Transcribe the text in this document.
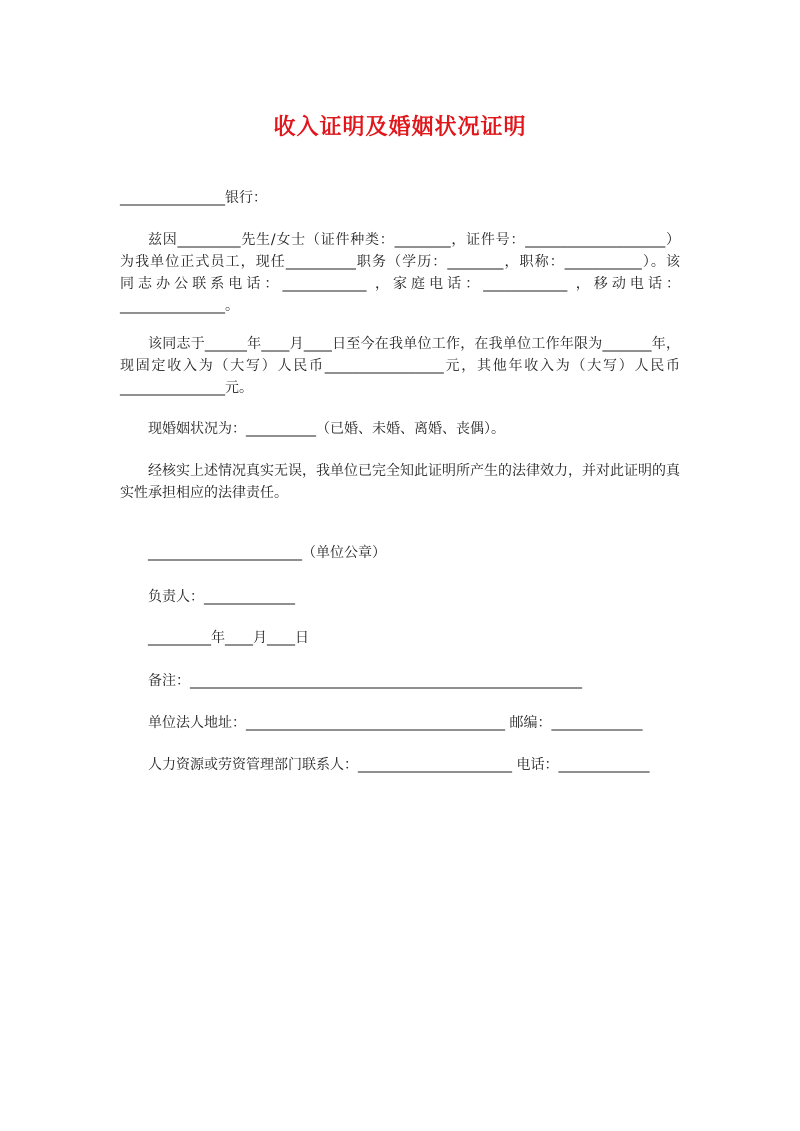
收入证明及婚姻状况证明
_______________银行：
兹因_________先生/女士（证件种类：________，证件号：____________________）
为我单位正式员工，现任__________职务（学历：________，职称：___________）。该
同志办公联系电话：____________ ，家庭电话：____________ ，移动电话：
_______________。
该同志于______年____月____日至今在我单位工作，在我单位工作年限为_______年，
现固定收入为（大写）人民币_________________元，其他年收入为（大写）人民币
_______________元。
现婚姻状况为：__________（已婚、未婚、离婚、丧偶）。
经核实上述情况真实无误，我单位已完全知此证明所产生的法律效力，并对此证明的真
实性承担相应的法律责任。
______________________（单位公章）
负责人：_____________
_________年____月____日
备注：________________________________________________________
单位法人地址：_____________________________________ 邮编：_____________
人力资源或劳资管理部门联系人：______________________ 电话：_____________
